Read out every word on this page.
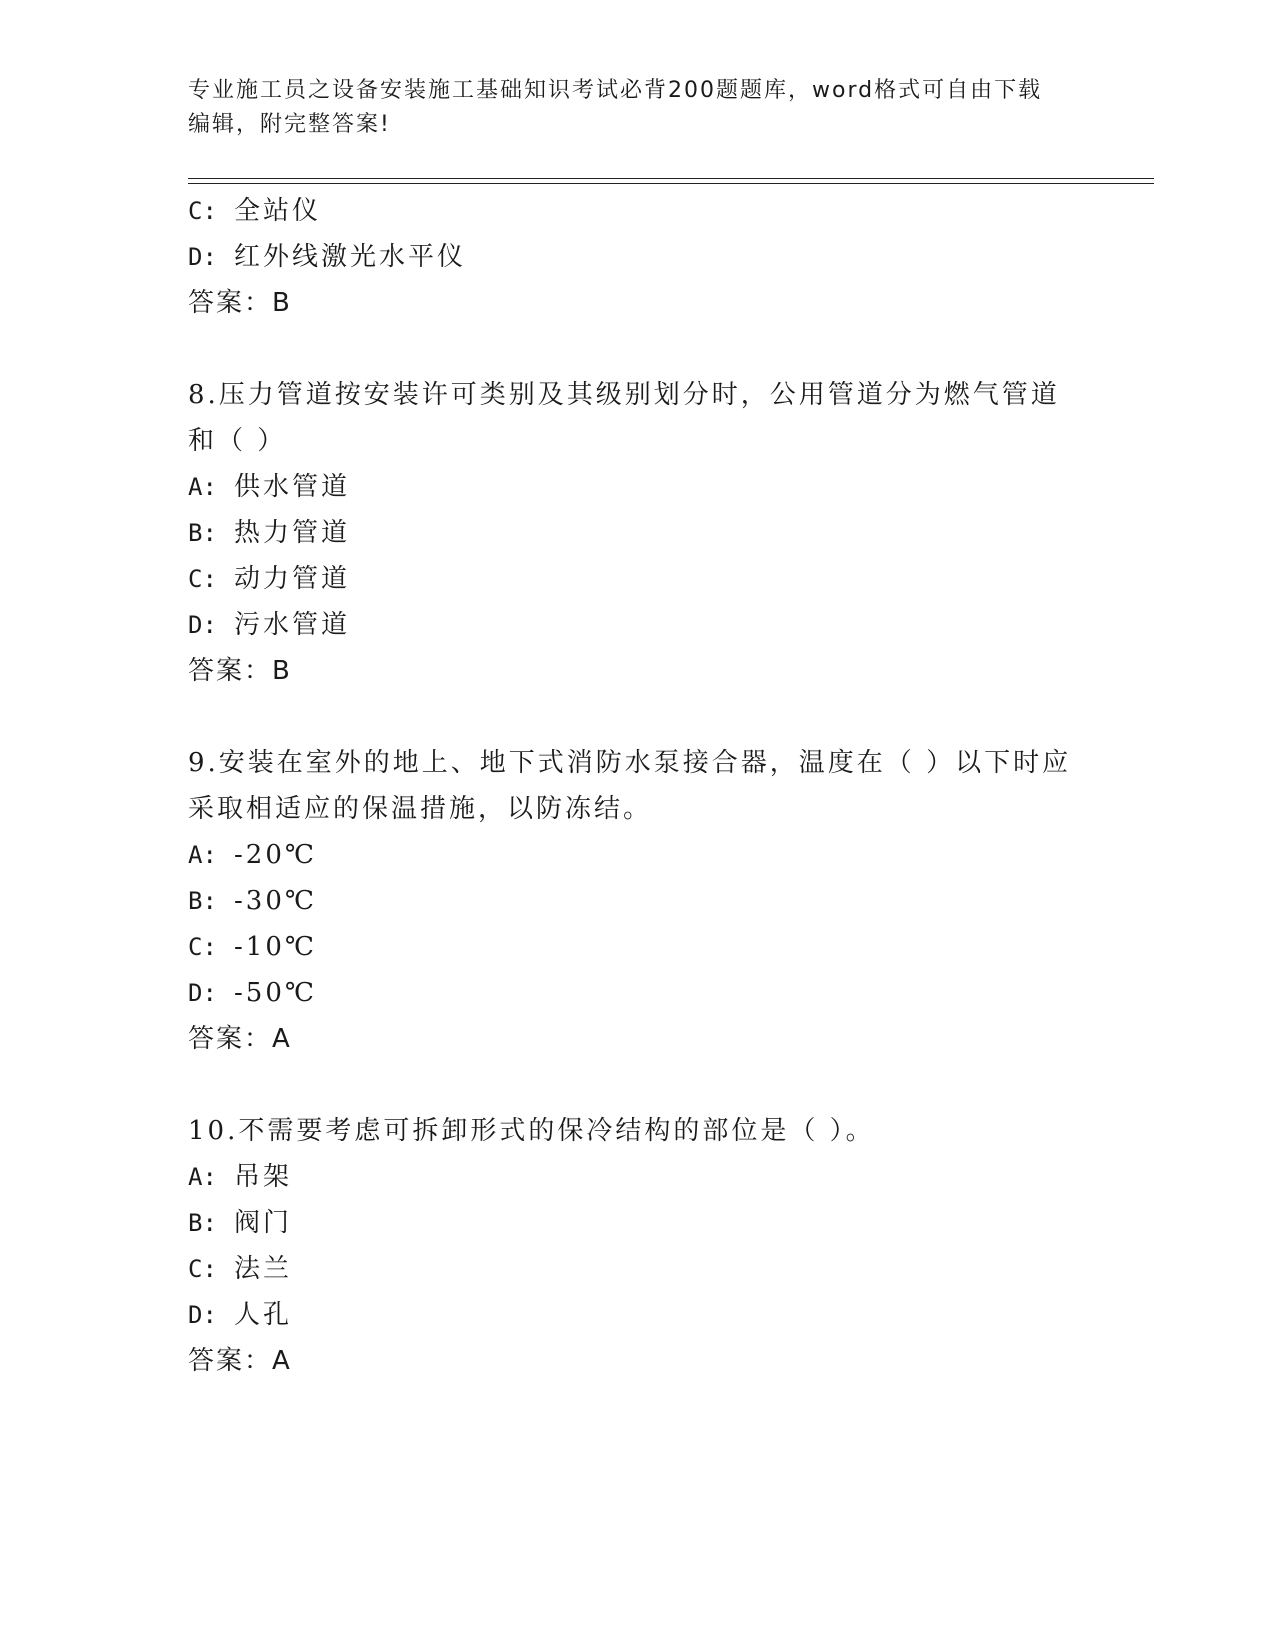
专业施工员之设备安装施工基础知识考试必背200题题库，word格式可自由下载
编辑，附完整答案!
C: 全站仪
D: 红外线激光水平仪
答案：B
8.压力管道按安装许可类别及其级别划分时，公用管道分为燃气管道
和（ ）
A: 供水管道
B: 热力管道
C: 动力管道
D: 污水管道
答案：B
9.安装在室外的地上、地下式消防水泵接合器，温度在（ ）以下时应
采取相适应的保温措施，以防冻结。
A: -20℃
B: -30℃
C: -10℃
D: -50℃
答案：A
10.不需要考虑可拆卸形式的保冷结构的部位是（ ）。
A: 吊架
B: 阀门
C: 法兰
D: 人孔
答案：A
